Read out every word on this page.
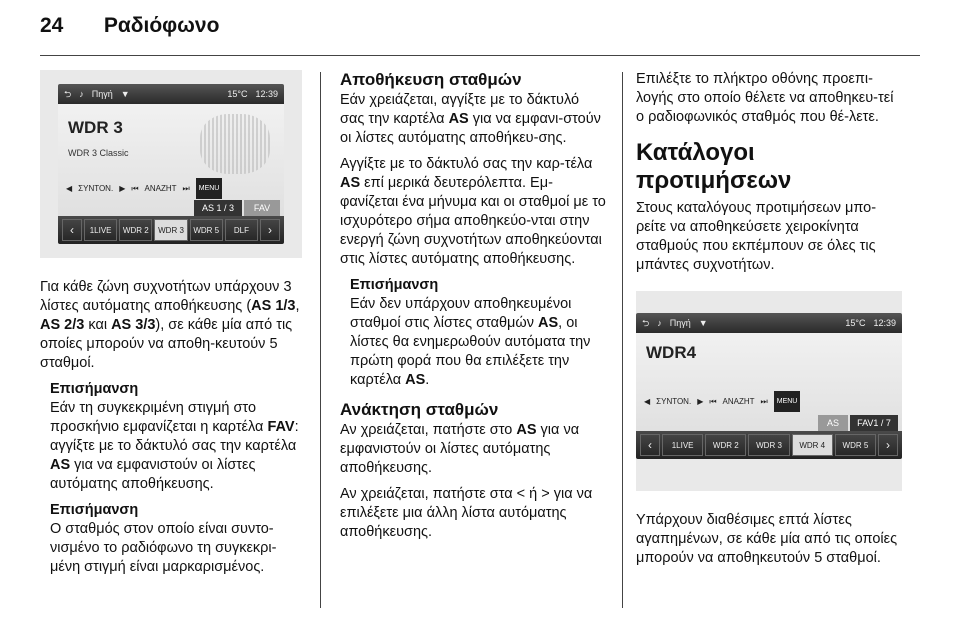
24 Ραδιόφωνο
⮌ ♪ Πηγή ▼	15°C 12:39
WDR 3
WDR 3 Classic
◀ ΣΥΝΤΟΝ. ▶ ⏮ ΑΝΑΖΗΤ ⏭	MENU
AS 1 / 3	FAV
‹	1LIVE	WDR 2	WDR 3	WDR 5	DLF	›

Για κάθε ζώνη συχνοτήτων υπάρχουν 3 λίστες αυτόματης αποθήκευσης (AS 1/3, AS 2/3 και AS 3/3), σε κάθε μία από τις οποίες μπορούν να αποθη-κευτούν 5 σταθμοί.

Επισήμανση

Εάν τη συγκεκριμένη στιγμή στο προσκήνιο εμφανίζεται η καρτέλα FAV: αγγίξτε με το δάκτυλό σας την καρτέλα AS για να εμφανιστούν οι λίστες αυτόματης αποθήκευσης.

Επισήμανση

Ο σταθμός στον οποίο είναι συντο-νισμένο το ραδιόφωνο τη συγκεκρι-μένη στιγμή είναι μαρκαρισμένος.

Αποθήκευση σταθμών

Εάν χρειάζεται, αγγίξτε με το δάκτυλό σας την καρτέλα AS για να εμφανι-στούν οι λίστες αυτόματης αποθήκευ-σης.

Αγγίξτε με το δάκτυλό σας την καρ-τέλα AS επί μερικά δευτερόλεπτα. Εμ-φανίζεται ένα μήνυμα και οι σταθμοί με το ισχυρότερο σήμα αποθηκεύο-νται στην ενεργή ζώνη συχνοτήτων αποθηκεύονται στις λίστες αυτόματης αποθήκευσης.

Επισήμανση

Εάν δεν υπάρχουν αποθηκευμένοι σταθμοί στις λίστες σταθμών AS, οι λίστες θα ενημερωθούν αυτόματα την πρώτη φορά που θα επιλέξετε την καρτέλα AS.

Ανάκτηση σταθμών

Αν χρειάζεται, πατήστε στο AS για να εμφανιστούν οι λίστες αυτόματης αποθήκευσης.

Αν χρειάζεται, πατήστε στα < ή > για να επιλέξετε μια άλλη λίστα αυτόματης αποθήκευσης.

Επιλέξτε το πλήκτρο οθόνης προεπι-λογής στο οποίο θέλετε να αποθηκευ-τεί ο ραδιοφωνικός σταθμός που θέ-λετε.

Κατάλογοι προτιμήσεων

Στους καταλόγους προτιμήσεων μπο-ρείτε να αποθηκεύσετε χειροκίνητα σταθμούς που εκπέμπουν σε όλες τις μπάντες συχνοτήτων.

⮌ ♪ Πηγή ▼	15°C 12:39
WDR4
◀ ΣΥΝΤΟΝ. ▶ ⏮ ΑΝΑΖΗΤ ⏭	MENU
AS	FAV1 / 7
‹	1LIVE	WDR 2	WDR 3	WDR 4	WDR 5	›

Υπάρχουν διαθέσιμες επτά λίστες αγαπημένων, σε κάθε μία από τις οποίες μπορούν να αποθηκευτούν 5 σταθμοί.
